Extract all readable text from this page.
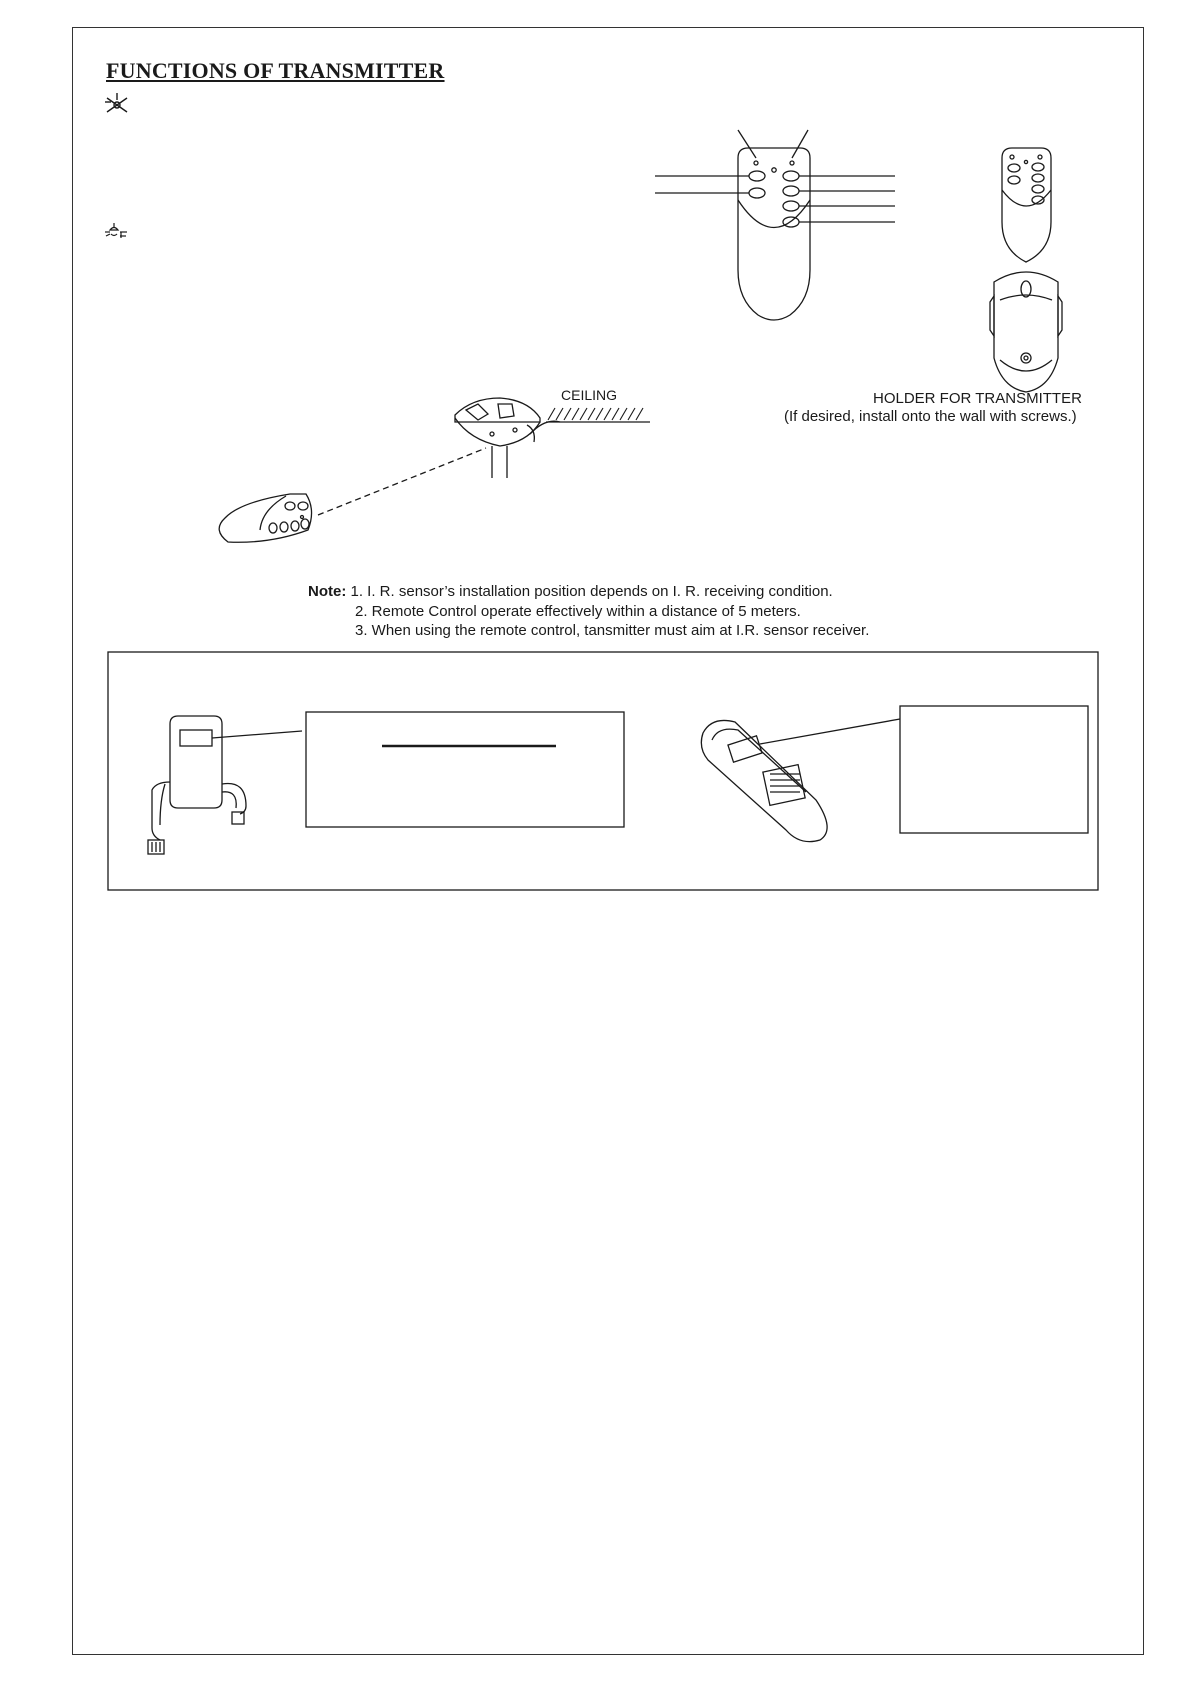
FUNCTIONS OF TRANSMITTER
CEILING	HOLDER FOR TRANSMITTER
(If desired, install onto the wall with screws.)
Note: 1. I. R. sensor’s installation position depends on I. R. receiving condition.
2. Remote Control operate effectively within a distance of 5 meters.
3. When using the remote control, tansmitter must aim at I.R. sensor receiver.
